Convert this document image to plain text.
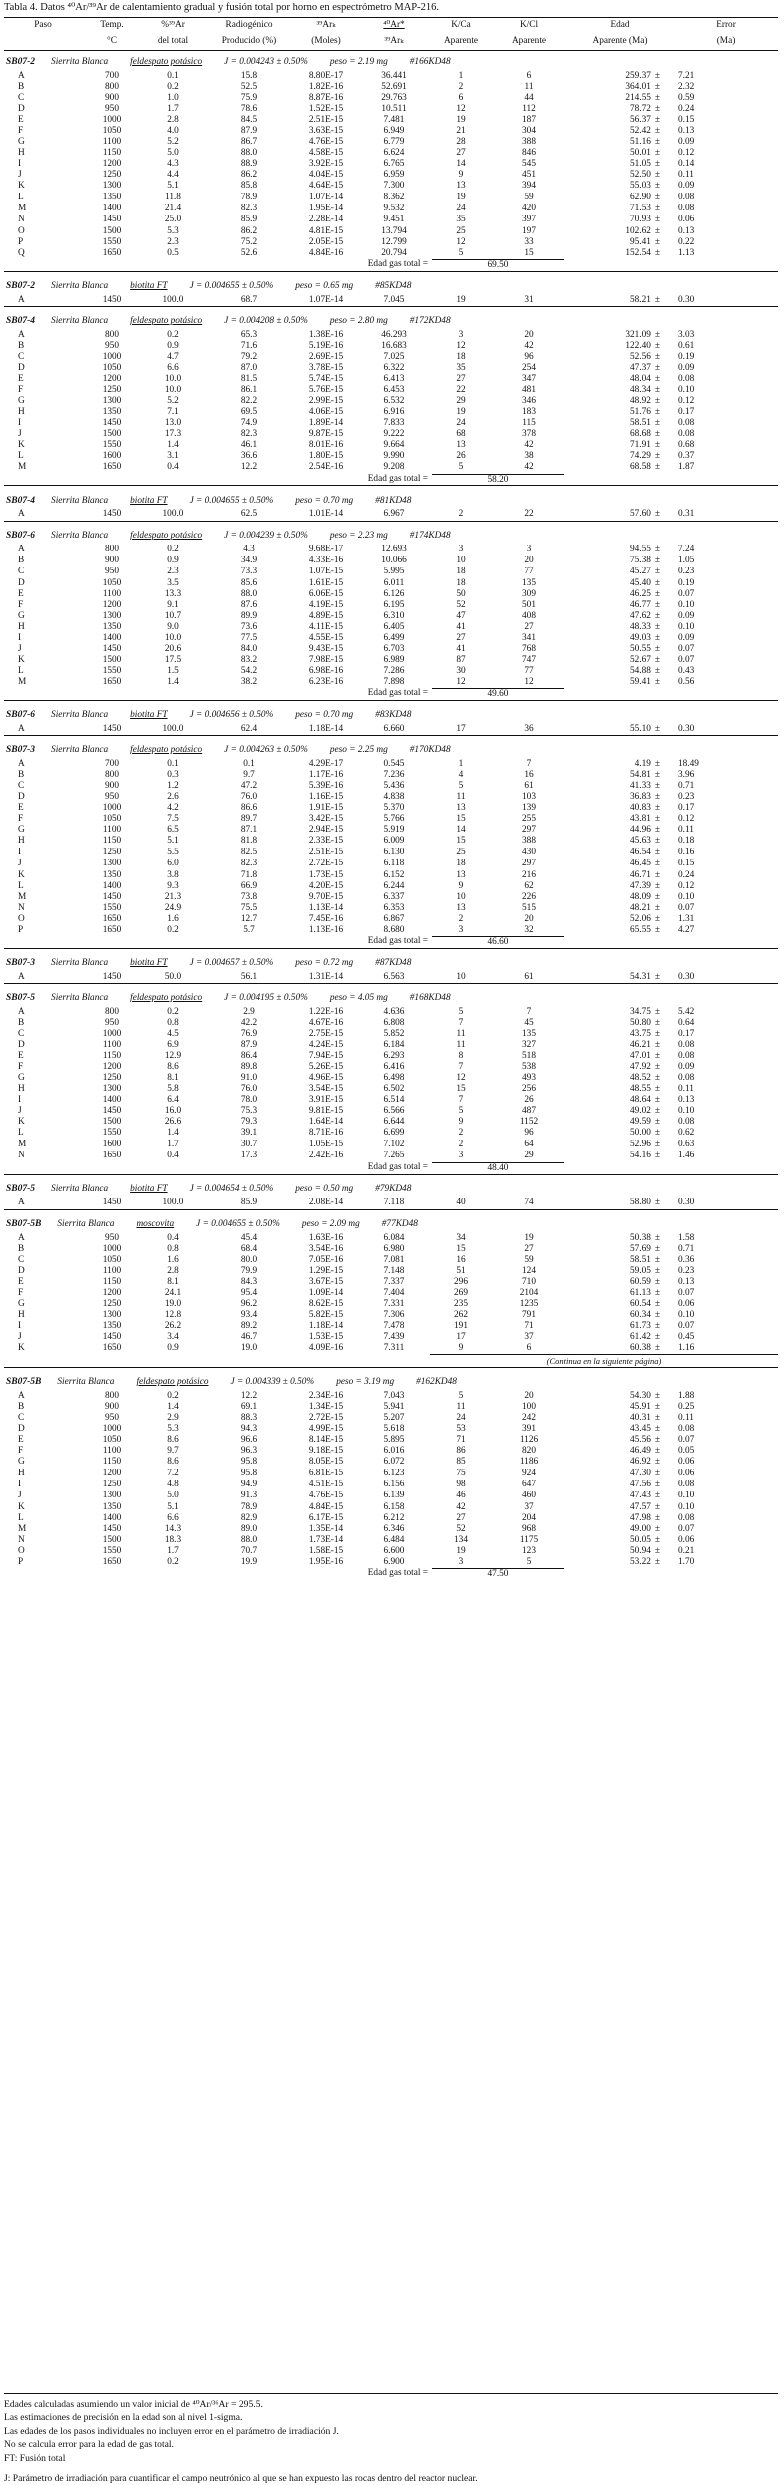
Tabla 4. Datos ⁴⁰Ar/³⁹Ar de calentamiento gradual y fusión total por horno en espectrómetro MAP-216.
Paso	Temp.	%³⁹Ar	Radiogénico	³⁹Arₖ	⁴⁰Ar*	K/Ca	K/Cl	Edad	Error
	°C	del total	Producido (%)	(Moles)	³⁹Arₖ	Aparente	Aparente	Aparente (Ma)	(Ma)
SB07-2 Sierrita Blanca feldespato potásico J = 0.004243 ± 0.50% peso = 2.19 mg #166KD48									
A	700	0.1	15.8	8.80E-17	36.441	1	6	259.37 ±	7.21
B	800	0.2	52.5	1.82E-16	52.691	2	11	364.01 ±	2.32
C	900	1.0	75.9	8.87E-16	29.763	6	44	214.55 ±	0.59
D	950	1.7	78.6	1.52E-15	10.511	12	112	78.72 ±	0.24
E	1000	2.8	84.5	2.51E-15	7.481	19	187	56.37 ±	0.15
F	1050	4.0	87.9	3.63E-15	6.949	21	304	52.42 ±	0.13
G	1100	5.2	86.7	4.76E-15	6.779	28	388	51.16 ±	0.09
H	1150	5.0	88.0	4.58E-15	6.624	27	846	50.01 ±	0.12
I	1200	4.3	88.9	3.92E-15	6.765	14	545	51.05 ±	0.14
J	1250	4.4	86.2	4.04E-15	6.959	9	451	52.50 ±	0.11
K	1300	5.1	85.8	4.64E-15	7.300	13	394	55.03 ±	0.09
L	1350	11.8	78.9	1.07E-14	8.362	19	59	62.90 ±	0.08
M	1400	21.4	82.3	1.95E-14	9.532	24	420	71.53 ±	0.08
N	1450	25.0	85.9	2.28E-14	9.451	35	397	70.93 ±	0.06
O	1500	5.3	86.2	4.81E-15	13.794	25	197	102.62 ±	0.13
P	1550	2.3	75.2	2.05E-15	12.799	12	33	95.41 ±	0.22
Q	1650	0.5	52.6	4.84E-16	20.794	5	15	152.54 ±	1.13
Edad gas total =						69.50			

SB07-2 Sierrita Blanca biotita FT J = 0.004655 ± 0.50% peso = 0.65 mg #85KD48									
A	1450	100.0	68.7	1.07E-14	7.045	19	31	58.21 ±	0.30

SB07-4 Sierrita Blanca feldespato potásico J = 0.004208 ± 0.50% peso = 2.80 mg #172KD48									
A	800	0.2	65.3	1.38E-16	46.293	3	20	321.09 ±	3.03
B	950	0.9	71.6	5.19E-16	16.683	12	42	122.40 ±	0.61
C	1000	4.7	79.2	2.69E-15	7.025	18	96	52.56 ±	0.19
D	1050	6.6	87.0	3.78E-15	6.322	35	254	47.37 ±	0.09
E	1200	10.0	81.5	5.74E-15	6.413	27	347	48.04 ±	0.08
F	1250	10.0	86.1	5.76E-15	6.453	22	481	48.34 ±	0.10
G	1300	5.2	82.2	2.99E-15	6.532	29	346	48.92 ±	0.12
H	1350	7.1	69.5	4.06E-15	6.916	19	183	51.76 ±	0.17
I	1450	13.0	74.9	1.89E-14	7.833	24	115	58.51 ±	0.08
J	1500	17.3	82.3	9.87E-15	9.222	68	378	68.68 ±	0.08
K	1550	1.4	46.1	8.01E-16	9.664	13	42	71.91 ±	0.68
L	1600	3.1	36.6	1.80E-15	9.990	26	38	74.29 ±	0.37
M	1650	0.4	12.2	2.54E-16	9.208	5	42	68.58 ±	1.87
Edad gas total =						58.20			

SB07-4 Sierrita Blanca biotita FT J = 0.004655 ± 0.50% peso = 0.70 mg #81KD48									
A	1450	100.0	62.5	1.01E-14	6.967	2	22	57.60 ±	0.31

SB07-6 Sierrita Blanca feldespato potásico J = 0.004239 ± 0.50% peso = 2.23 mg #174KD48									
A	800	0.2	4.3	9.68E-17	12.693	3	3	94.55 ±	7.24
B	900	0.9	34.9	4.33E-16	10.066	10	20	75.38 ±	1.05
C	950	2.3	73.3	1.07E-15	5.995	18	77	45.27 ±	0.23
D	1050	3.5	85.6	1.61E-15	6.011	18	135	45.40 ±	0.19
E	1100	13.3	88.0	6.06E-15	6.126	50	309	46.25 ±	0.07
F	1200	9.1	87.6	4.19E-15	6.195	52	501	46.77 ±	0.10
G	1300	10.7	89.9	4.89E-15	6.310	47	408	47.62 ±	0.09
H	1350	9.0	73.6	4.11E-15	6.405	41	27	48.33 ±	0.10
I	1400	10.0	77.5	4.55E-15	6.499	27	341	49.03 ±	0.09
J	1450	20.6	84.0	9.43E-15	6.703	41	768	50.55 ±	0.07
K	1500	17.5	83.2	7.98E-15	6.989	87	747	52.67 ±	0.07
L	1550	1.5	54.2	6.98E-16	7.286	30	77	54.88 ±	0.43
M	1650	1.4	38.2	6.23E-16	7.898	12	12	59.41 ±	0.56
Edad gas total =						49.60			

SB07-6 Sierrita Blanca biotita FT J = 0.004656 ± 0.50% peso = 0.70 mg #83KD48									
A	1450	100.0	62.4	1.18E-14	6.660	17	36	55.10 ±	0.30

SB07-3 Sierrita Blanca feldespato potásico J = 0.004263 ± 0.50% peso = 2.25 mg #170KD48									
A	700	0.1	0.1	4.29E-17	0.545	1	7	4.19 ±	18.49
B	800	0.3	9.7	1.17E-16	7.236	4	16	54.81 ±	3.96
C	900	1.2	47.2	5.39E-16	5.436	5	61	41.33 ±	0.71
D	950	2.6	76.0	1.16E-15	4.838	11	103	36.83 ±	0.23
E	1000	4.2	86.6	1.91E-15	5.370	13	139	40.83 ±	0.17
F	1050	7.5	89.7	3.42E-15	5.766	15	255	43.81 ±	0.12
G	1100	6.5	87.1	2.94E-15	5.919	14	297	44.96 ±	0.11
H	1150	5.1	81.8	2.33E-15	6.009	15	388	45.63 ±	0.18
I	1250	5.5	82.5	2.51E-15	6.130	25	430	46.54 ±	0.16
J	1300	6.0	82.3	2.72E-15	6.118	18	297	46.45 ±	0.15
K	1350	3.8	71.8	1.73E-15	6.152	13	216	46.71 ±	0.24
L	1400	9.3	66.9	4.20E-15	6.244	9	62	47.39 ±	0.12
M	1450	21.3	73.8	9.70E-15	6.337	10	226	48.09 ±	0.10
N	1550	24.9	75.5	1.13E-14	6.353	13	515	48.21 ±	0.07
O	1650	1.6	12.7	7.45E-16	6.867	2	20	52.06 ±	1.31
P	1650	0.2	5.7	1.13E-16	8.680	3	32	65.55 ±	4.27
Edad gas total =						46.60			

SB07-3 Sierrita Blanca biotita FT J = 0.004657 ± 0.50% peso = 0.72 mg #87KD48									
A	1450	50.0	56.1	1.31E-14	6.563	10	61	54.31 ±	0.30

SB07-5 Sierrita Blanca feldespato potásico J = 0.004195 ± 0.50% peso = 4.05 mg #168KD48									
A	800	0.2	2.9	1.22E-16	4.636	5	7	34.75 ±	5.42
B	950	0.8	42.2	4.67E-16	6.808	7	45	50.80 ±	0.64
C	1000	4.5	76.9	2.75E-15	5.852	11	135	43.75 ±	0.17
D	1100	6.9	87.9	4.24E-15	6.184	11	327	46.21 ±	0.08
E	1150	12.9	86.4	7.94E-15	6.293	8	518	47.01 ±	0.08
F	1200	8.6	89.8	5.26E-15	6.416	7	538	47.92 ±	0.09
G	1250	8.1	91.0	4.96E-15	6.498	12	493	48.52 ±	0.08
H	1300	5.8	76.0	3.54E-15	6.502	15	256	48.55 ±	0.11
I	1400	6.4	78.0	3.91E-15	6.514	7	26	48.64 ±	0.13
J	1450	16.0	75.3	9.81E-15	6.566	5	487	49.02 ±	0.10
K	1500	26.6	79.3	1.64E-14	6.644	9	1152	49.59 ±	0.08
L	1550	1.4	39.1	8.71E-16	6.699	2	96	50.00 ±	0.62
M	1600	1.7	30.7	1.05E-15	7.102	2	64	52.96 ±	0.63
N	1650	0.4	17.3	2.42E-16	7.265	3	29	54.16 ±	1.46
Edad gas total =						48.40			

SB07-5 Sierrita Blanca biotita FT J = 0.004654 ± 0.50% peso = 0.50 mg #79KD48									
A	1450	100.0	85.9	2.08E-14	7.118	40	74	58.80 ±	0.30

SB07-5B Sierrita Blanca moscovita J = 0.004655 ± 0.50% peso = 2.09 mg #77KD48									
A	950	0.4	45.4	1.63E-16	6.084	34	19	50.38 ±	1.58
B	1000	0.8	68.4	3.54E-16	6.980	15	27	57.69 ±	0.71
C	1050	1.6	80.0	7.05E-16	7.081	16	59	58.51 ±	0.36
D	1100	2.8	79.9	1.29E-15	7.148	51	124	59.05 ±	0.23
E	1150	8.1	84.3	3.67E-15	7.337	296	710	60.59 ±	0.13
F	1200	24.1	95.4	1.09E-14	7.404	269	2104	61.13 ±	0.07
G	1250	19.0	96.2	8.62E-15	7.331	235	1235	60.54 ±	0.06
H	1300	12.8	93.4	5.82E-15	7.306	262	791	60.34 ±	0.10
I	1350	26.2	89.2	1.18E-14	7.478	191	71	61.73 ±	0.07
J	1450	3.4	46.7	1.53E-15	7.439	17	37	61.42 ±	0.45
K	1650	0.9	19.0	4.09E-16	7.311	9	6	60.38 ±	1.16
						(Continua en la siguiente página)			

SB07-5B Sierrita Blanca feldespato potásico J = 0.004339 ± 0.50% peso = 3.19 mg #162KD48									
A	800	0.2	12.2	2.34E-16	7.043	5	20	54.30 ±	1.88
B	900	1.4	69.1	1.34E-15	5.941	11	100	45.91 ±	0.25
C	950	2.9	88.3	2.72E-15	5.207	24	242	40.31 ±	0.11
D	1000	5.3	94.3	4.99E-15	5.618	53	391	43.45 ±	0.08
E	1050	8.6	96.6	8.14E-15	5.895	71	1126	45.56 ±	0.07
F	1100	9.7	96.3	9.18E-15	6.016	86	820	46.49 ±	0.05
G	1150	8.6	95.8	8.05E-15	6.072	85	1186	46.92 ±	0.06
H	1200	7.2	95.8	6.81E-15	6.123	75	924	47.30 ±	0.06
I	1250	4.8	94.9	4.51E-15	6.156	98	647	47.56 ±	0.08
J	1300	5.0	91.3	4.76E-15	6.139	46	460	47.43 ±	0.10
K	1350	5.1	78.9	4.84E-15	6.158	42	37	47.57 ±	0.10
L	1400	6.6	82.9	6.17E-15	6.212	27	204	47.98 ±	0.08
M	1450	14.3	89.0	1.35E-14	6.346	52	968	49.00 ±	0.07
N	1500	18.3	88.0	1.73E-14	6.484	134	1175	50.05 ±	0.06
O	1550	1.7	70.7	1.58E-15	6.600	19	123	50.94 ±	0.21
P	1650	0.2	19.9	1.95E-16	6.900	3	5	53.22 ±	1.70
Edad gas total =						47.50			

Edades calculadas asumiendo un valor inicial de ⁴⁰Ar/³⁶Ar = 295.5.
Las estimaciones de precisión en la edad son al nivel 1-sigma.
Las edades de los pasos individuales no incluyen error en el parámetro de irradiación J.
No se calcula error para la edad de gas total.
FT: Fusión total
J: Parámetro de irradiación para cuantificar el campo neutrónico al que se han expuesto las rocas dentro del reactor nuclear.
